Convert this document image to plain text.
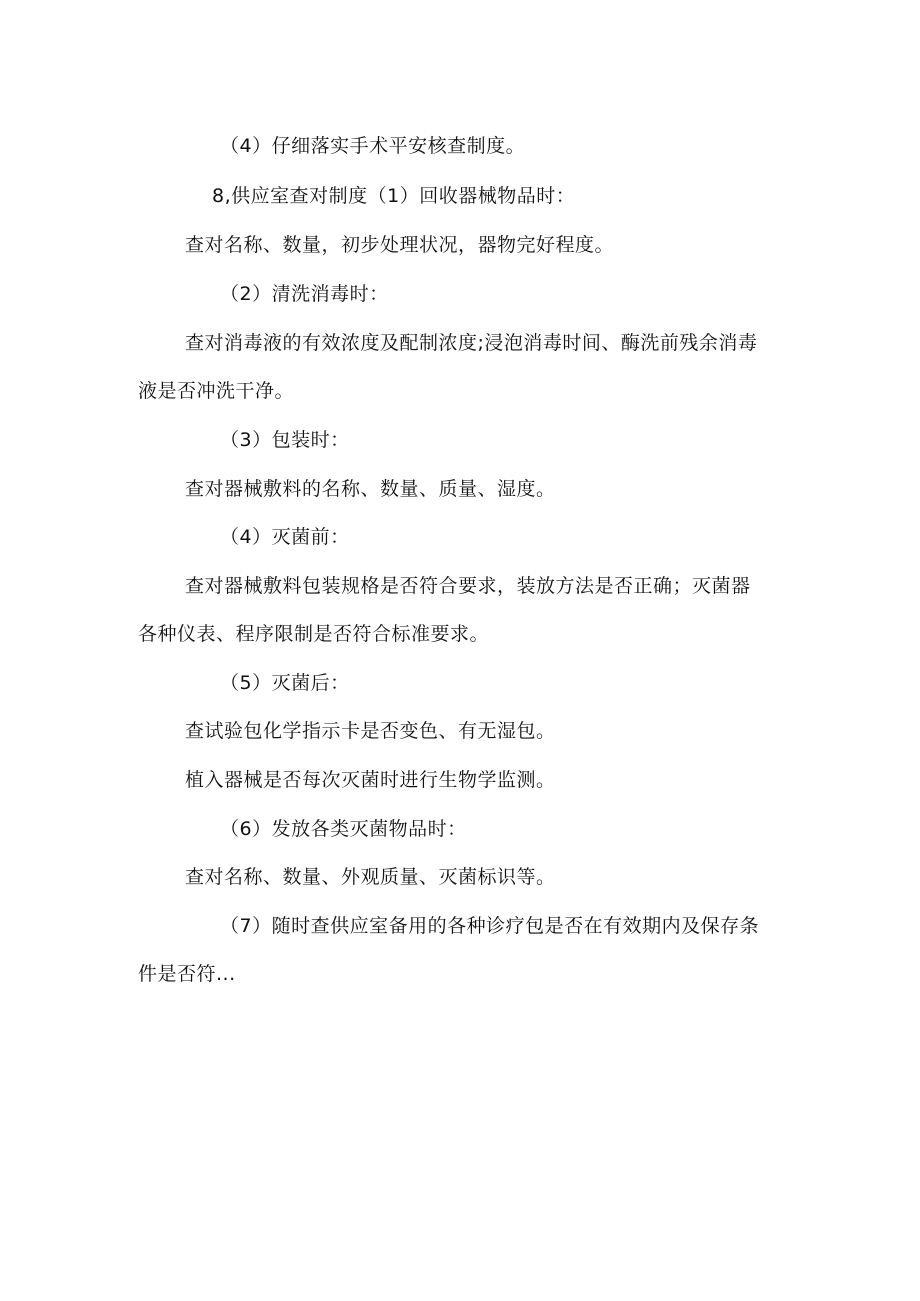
（4）仔细落实手术平安核查制度。
8,供应室查对制度（1）回收器械物品时：
查对名称、数量，初步处理状况，器物完好程度。
（2）清洗消毒时：
查对消毒液的有效浓度及配制浓度;浸泡消毒时间、酶洗前残余消毒
液是否冲洗干净。
（3）包装时：
查对器械敷料的名称、数量、质量、湿度。
（4）灭菌前：
查对器械敷料包装规格是否符合要求，装放方法是否正确；灭菌器
各种仪表、程序限制是否符合标准要求。
（5）灭菌后：
查试验包化学指示卡是否变色、有无湿包。
植入器械是否每次灭菌时进行生物学监测。
（6）发放各类灭菌物品时：
查对名称、数量、外观质量、灭菌标识等。
（7）随时查供应室备用的各种诊疗包是否在有效期内及保存条
件是否符...
